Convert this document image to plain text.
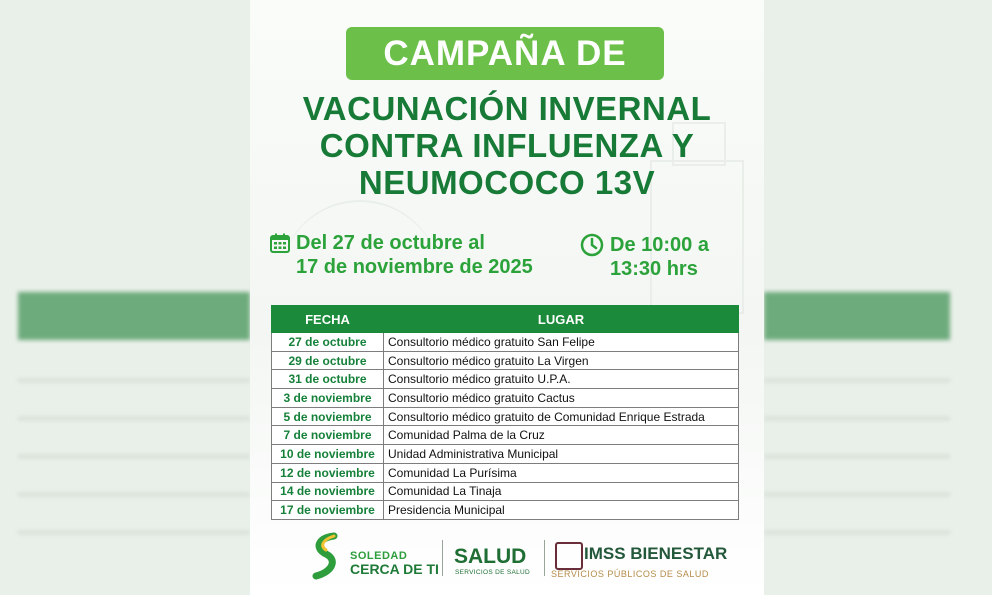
CAMPAÑA DE
VACUNACIÓN INVERNAL
CONTRA INFLUENZA Y
NEUMOCOCO 13V
Del 27 de octubre al
17 de noviembre de 2025
De 10:00 a
13:30 hrs
FECHA	LUGAR
27 de octubre	Consultorio médico gratuito San Felipe
29 de octubre	Consultorio médico gratuito La Virgen
31 de octubre	Consultorio médico gratuito U.P.A.
3 de noviembre	Consultorio médico gratuito Cactus
5 de noviembre	Consultorio médico gratuito de Comunidad Enrique Estrada
7 de noviembre	Comunidad Palma de la Cruz
10 de noviembre	Unidad Administrativa Municipal
12 de noviembre	Comunidad La Purísima
14 de noviembre	Comunidad La Tinaja
17 de noviembre	Presidencia Municipal
SOLEDAD
CERCA DE TI
SALUD
SERVICIOS DE SALUD
IMSS BIENESTAR
SERVICIOS PÚBLICOS DE SALUD
